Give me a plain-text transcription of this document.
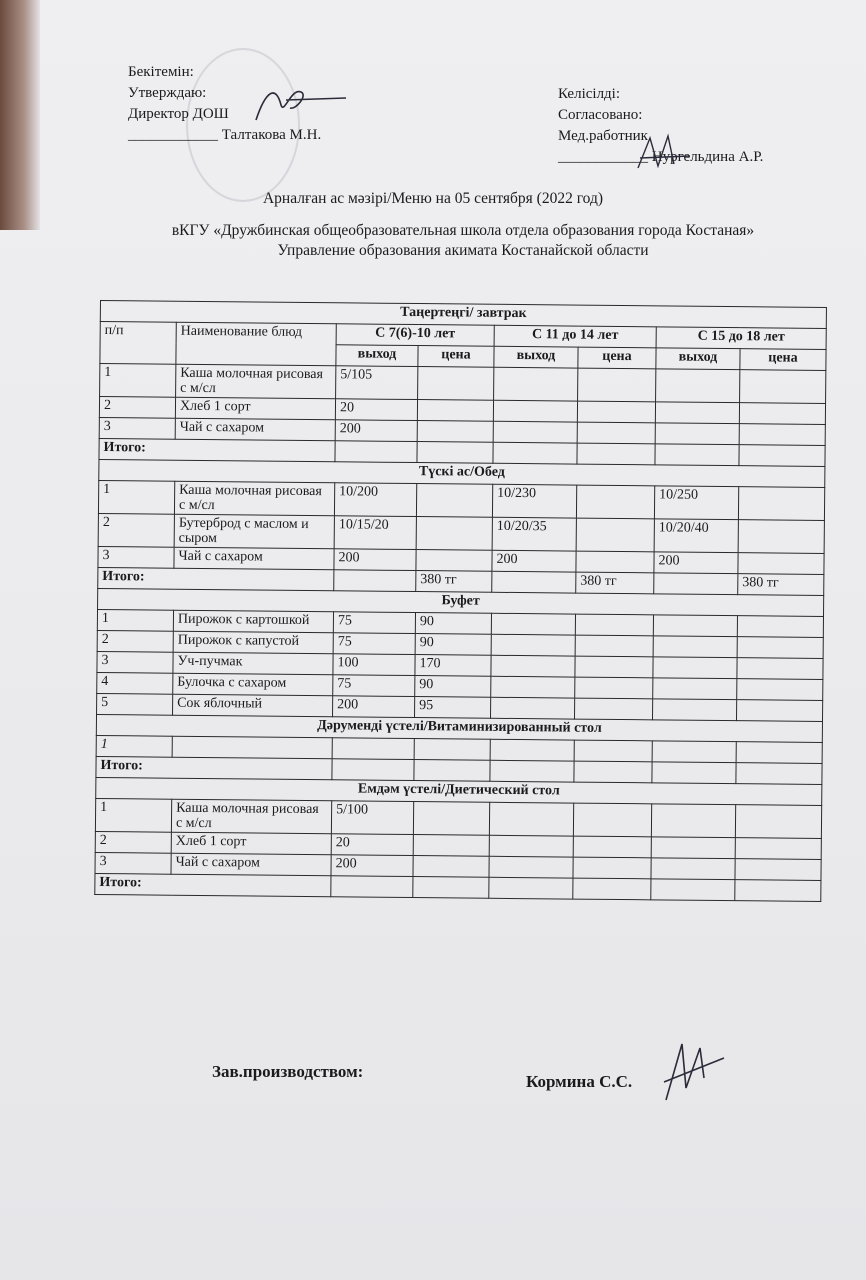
Бекітемін:
Утверждаю:
Директор ДОШ
____________ Талтакова М.Н.
Келісілді:
Согласовано:
Мед.работник
____________ Нургельдина А.Р.
Арналған ас мәзірі/Меню на 05 сентября (2022 год)
вКГУ «Дружбинская общеобразовательная школа отдела образования города Костаная»
Управление образования акимата Костанайской области
Таңертеңгі/ завтрак							
п/п	Наименование блюд	С 7(6)-10 лет		С 11 до 14 лет		С 15 до 18 лет	
		выход	цена	выход	цена	выход	цена
1	Каша молочная рисовая с м/сл	5/105					
2	Хлеб 1 сорт	20					
3	Чай с сахаром	200					
Итого:							
Түскі ас/Обед							
1	Каша молочная рисовая с м/сл	10/200		10/230		10/250	
2	Бутерброд с маслом и сыром	10/15/20		10/20/35		10/20/40	
3	Чай с сахаром	200		200		200	
Итого:			380 тг		380 тг		380 тг
Буфет							
1	Пирожок с картошкой	75	90				
2	Пирожок с капустой	75	90				
3	Уч-пучмак	100	170				
4	Булочка с сахаром	75	90				
5	Сок яблочный	200	95				
Дәруменді үстелі/Витаминизированный стол							
1							
Итого:							
Емдәм үстелі/Диетический стол							
1	Каша молочная рисовая с м/сл	5/100					
2	Хлеб 1 сорт	20					
3	Чай с сахаром	200					
Итого:							
Зав.производством:
Кормина С.С.
